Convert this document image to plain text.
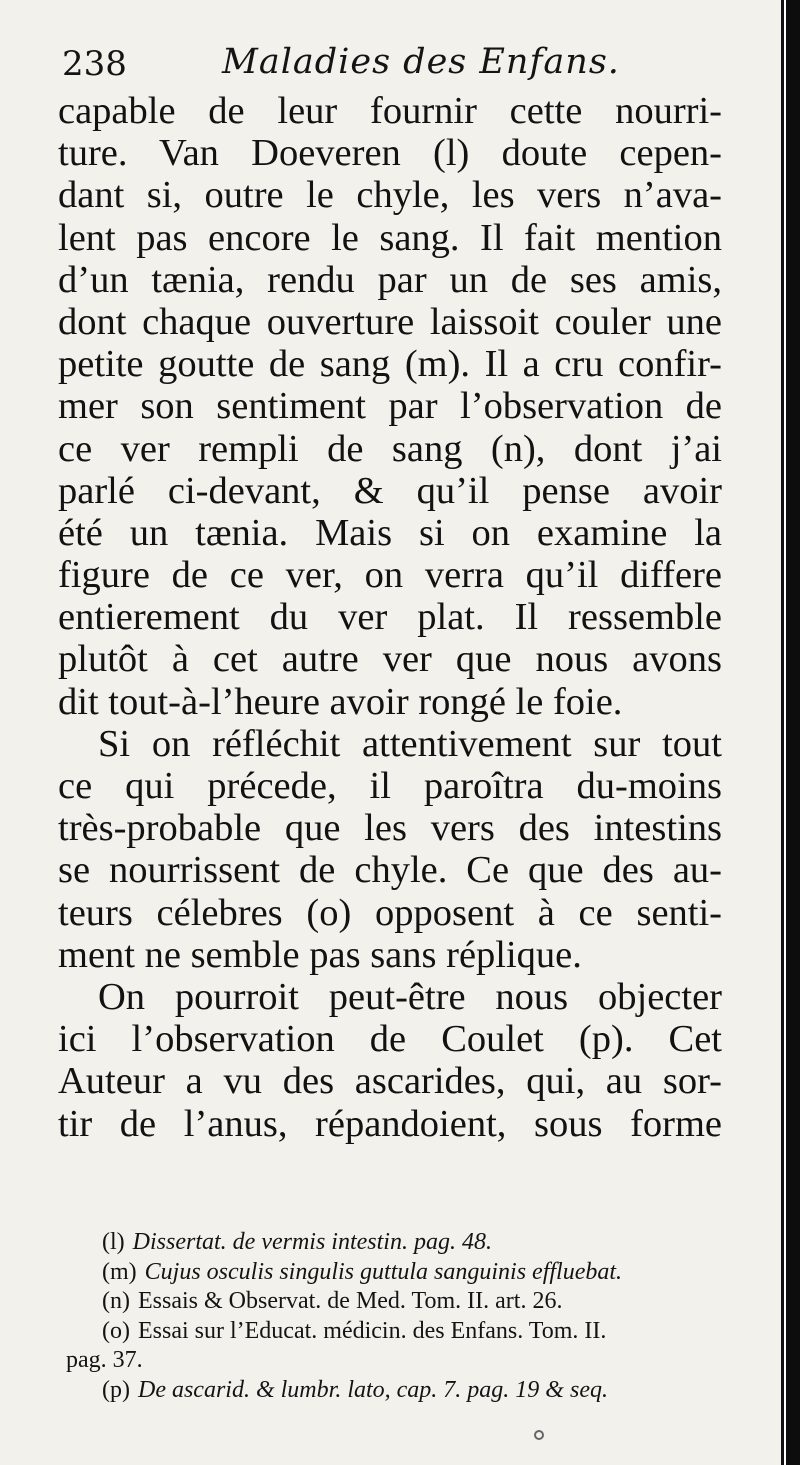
238	Maladies des Enfans.
capable de leur fournir cette nourri-
ture. Van Doeveren (l) doute cepen-
dant si, outre le chyle, les vers n’ava-
lent pas encore le sang. Il fait mention
d’un tænia, rendu par un de ses amis,
dont chaque ouverture laissoit couler une
petite goutte de sang (m). Il a cru confir-
mer son sentiment par l’observation de
ce ver rempli de sang (n), dont j’ai
parlé ci-devant, & qu’il pense avoir
été un tænia. Mais si on examine la
figure de ce ver, on verra qu’il differe
entierement du ver plat. Il ressemble
plutôt à cet autre ver que nous avons
dit tout-à-l’heure avoir rongé le foie.
Si on réfléchit attentivement sur tout
ce qui précede, il paroîtra du-moins
très-probable que les vers des intestins
se nourrissent de chyle. Ce que des au-
teurs célebres (o) opposent à ce senti-
ment ne semble pas sans réplique.
On pourroit peut-être nous objecter
ici l’observation de Coulet (p). Cet
Auteur a vu des ascarides, qui, au sor-
tir de l’anus, répandoient, sous forme
(l) Dissertat. de vermis intestin. pag. 48.
(m) Cujus osculis singulis guttula sanguinis effluebat.
(n) Essais & Observat. de Med. Tom. II. art. 26.
(o) Essai sur l’Educat. médicin. des Enfans. Tom. II.
pag. 37.
(p) De ascarid. & lumbr. lato, cap. 7. pag. 19 & seq.
